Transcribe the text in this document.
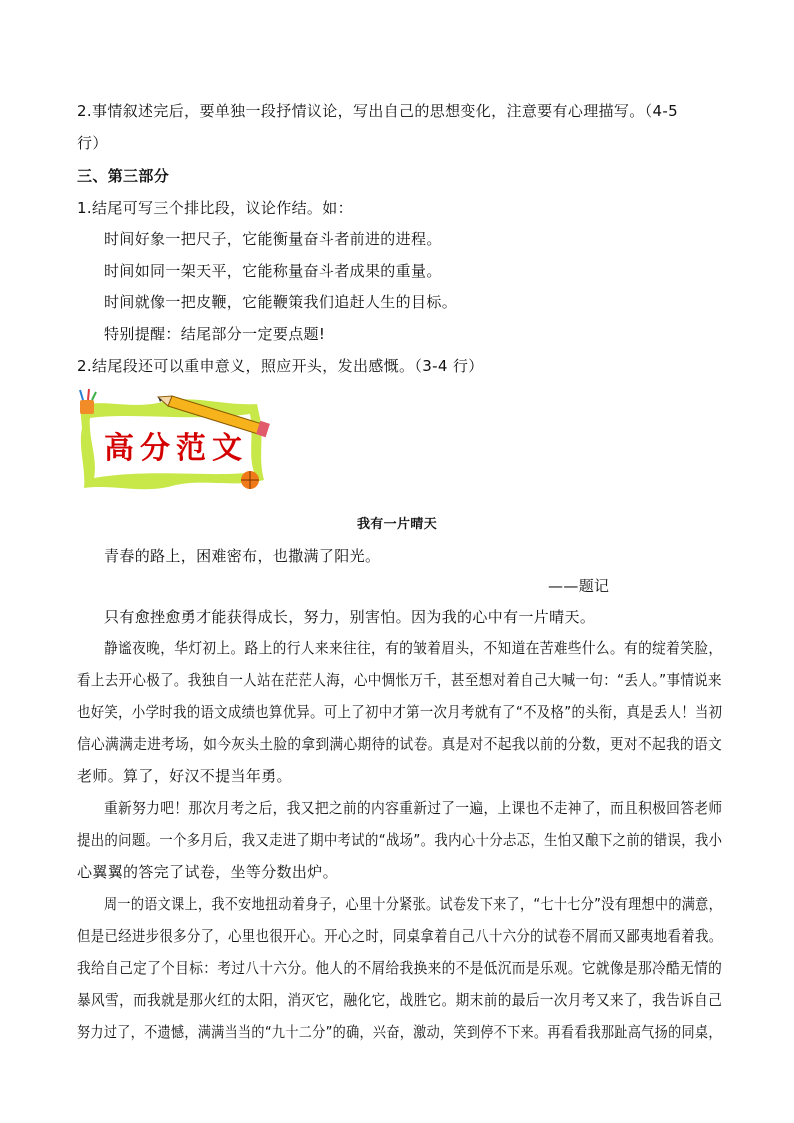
2.事情叙述完后，要单独一段抒情议论，写出自己的思想变化，注意要有心理描写。（4-5
行）
三、第三部分
1.结尾可写三个排比段，议论作结。如：
时间好象一把尺子，它能衡量奋斗者前进的进程。
时间如同一架天平，它能称量奋斗者成果的重量。
时间就像一把皮鞭，它能鞭策我们追赶人生的目标。
特别提醒：结尾部分一定要点题!
2.结尾段还可以重申意义，照应开头，发出感慨。（3-4 行）
高分范文
我有一片晴天
青春的路上，困难密布，也撒满了阳光。
——题记
只有愈挫愈勇才能获得成长，努力，别害怕。因为我的心中有一片晴天。
静谧夜晚，华灯初上。路上的行人来来往往，有的皱着眉头，不知道在苦难些什么。有的绽着笑脸，
看上去开心极了。我独自一人站在茫茫人海，心中惆怅万千，甚至想对着自己大喊一句：“丢人。”事情说来
也好笑，小学时我的语文成绩也算优异。可上了初中才第一次月考就有了“不及格”的头衔，真是丢人！当初
信心满满走进考场，如今灰头土脸的拿到满心期待的试卷。真是对不起我以前的分数，更对不起我的语文
老师。算了，好汉不提当年勇。
重新努力吧！那次月考之后，我又把之前的内容重新过了一遍，上课也不走神了，而且积极回答老师
提出的问题。一个多月后，我又走进了期中考试的“战场”。我内心十分忐忑，生怕又酿下之前的错误，我小
心翼翼的答完了试卷，坐等分数出炉。
周一的语文课上，我不安地扭动着身子，心里十分紧张。试卷发下来了，“七十七分”没有理想中的满意，
但是已经进步很多分了，心里也很开心。开心之时，同桌拿着自己八十六分的试卷不屑而又鄙夷地看着我。
我给自己定了个目标：考过八十六分。他人的不屑给我换来的不是低沉而是乐观。它就像是那冷酷无情的
暴风雪，而我就是那火红的太阳，消灭它，融化它，战胜它。期末前的最后一次月考又来了，我告诉自己
努力过了，不遗憾，满满当当的“九十二分”的确，兴奋，激动，笑到停不下来。再看看我那趾高气扬的同桌，
